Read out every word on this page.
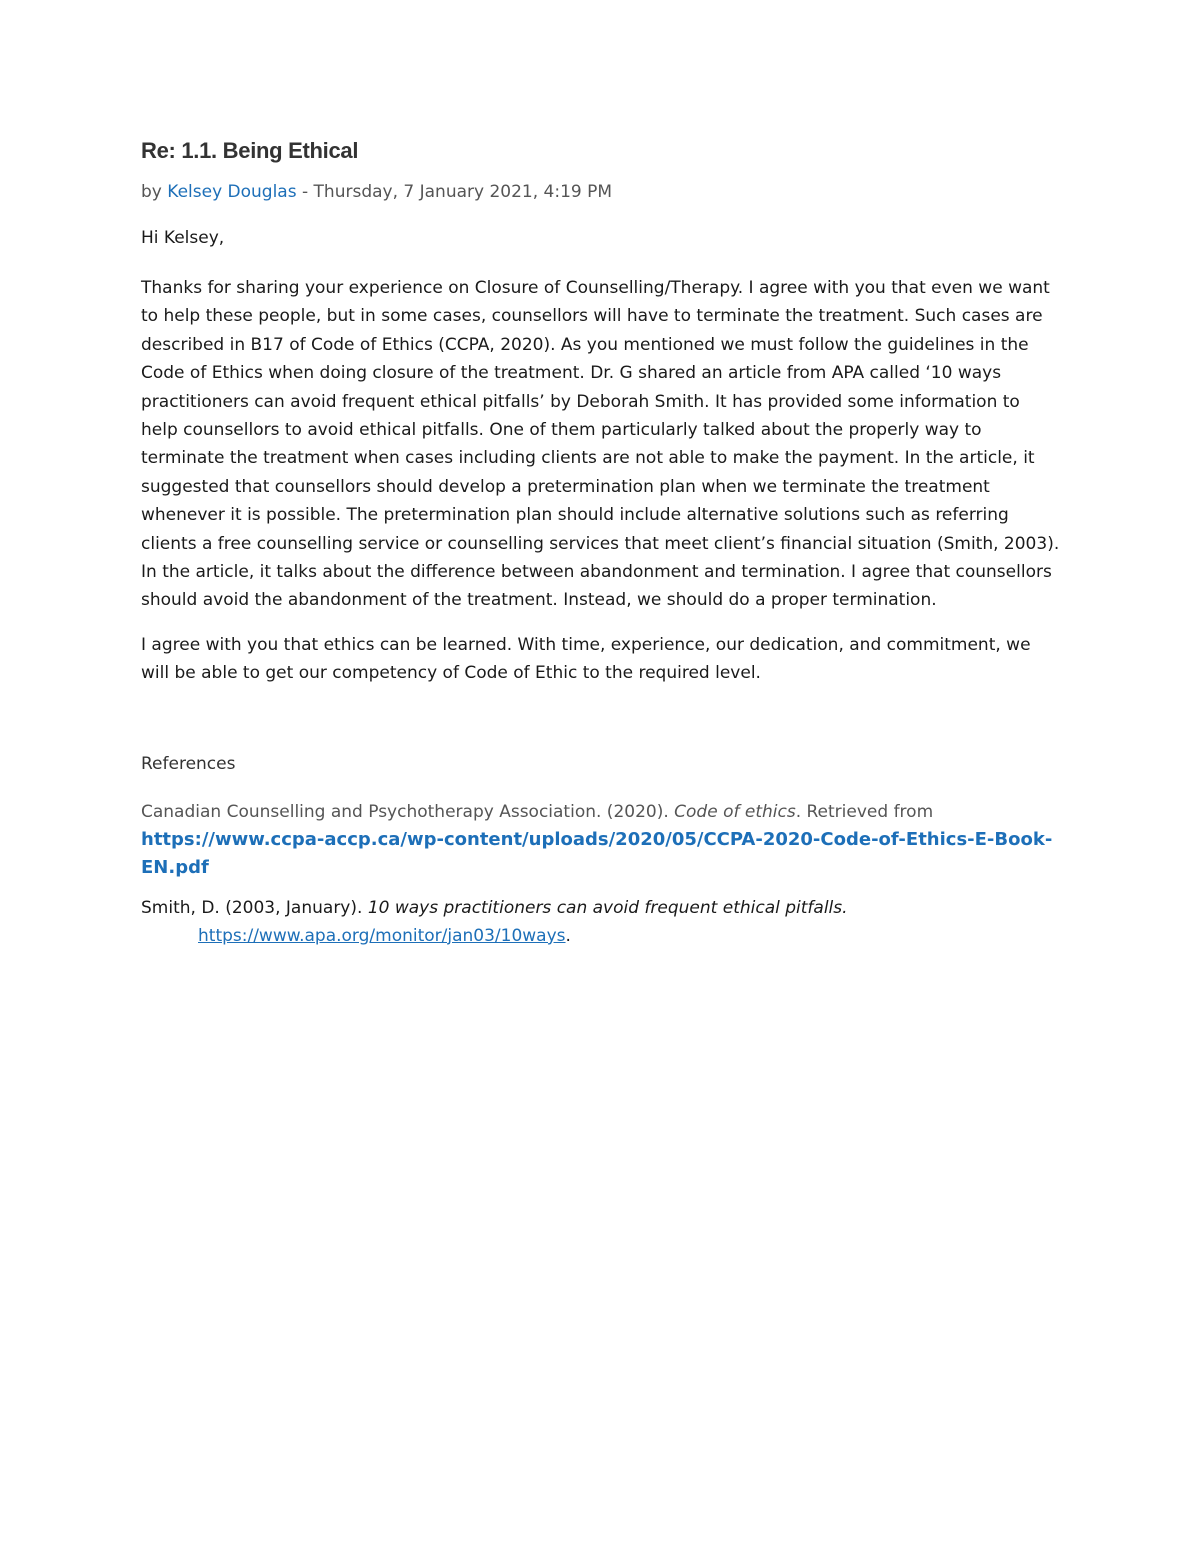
Re: 1.1. Being Ethical
by Kelsey Douglas - Thursday, 7 January 2021, 4:19 PM

Hi Kelsey,

Thanks for sharing your experience on Closure of Counselling/Therapy. I agree with you that even we want to help these people, but in some cases, counsellors will have to terminate the treatment. Such cases are described in B17 of Code of Ethics (CCPA, 2020). As you mentioned we must follow the guidelines in the Code of Ethics when doing closure of the treatment. Dr. G shared an article from APA called ‘10 ways practitioners can avoid frequent ethical pitfalls’ by Deborah Smith. It has provided some information to help counsellors to avoid ethical pitfalls. One of them particularly talked about the properly way to terminate the treatment when cases including clients are not able to make the payment. In the article, it suggested that counsellors should develop a pretermination plan when we terminate the treatment whenever it is possible. The pretermination plan should include alternative solutions such as referring clients a free counselling service or counselling services that meet client’s financial situation (Smith, 2003). In the article, it talks about the difference between abandonment and termination. I agree that counsellors should avoid the abandonment of the treatment. Instead, we should do a proper termination.

I agree with you that ethics can be learned. With time, experience, our dedication, and commitment, we will be able to get our competency of Code of Ethic to the required level.

References

Canadian Counselling and Psychotherapy Association. (2020). Code of ethics. Retrieved from
https://www.ccpa-accp.ca/wp-content/uploads/2020/05/CCPA-2020-Code-of-Ethics-E-Book-EN.pdf

Smith, D. (2003, January). 10 ways practitioners can avoid frequent ethical pitfalls.
https://www.apa.org/monitor/jan03/10ways.
